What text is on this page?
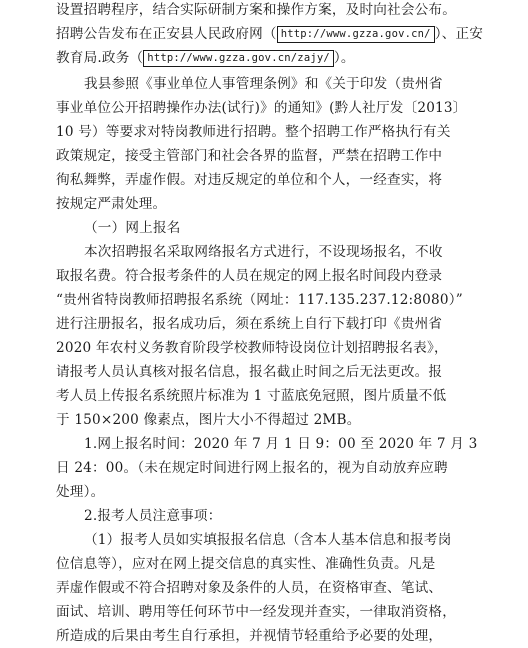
设置招聘程序，结合实际研制方案和操作方案，及时向社会公布。
招聘公告发布在正安县人民政府网（ http://www.gzza.gov.cn/ ）、正安
教育局.政务（ http://www.gzza.gov.cn/zajy/ ）。
我县参照《事业单位人事管理条例》和《关于印发（贵州省
事业单位公开招聘操作办法(试行)》的通知》(黔人社厅发〔2013〕
10 号）等要求对特岗教师进行招聘。整个招聘工作严格执行有关
政策规定，接受主管部门和社会各界的监督，严禁在招聘工作中
徇私舞弊，弄虚作假。对违反规定的单位和个人，一经查实，将
按规定严肃处理。
（一）网上报名
本次招聘报名采取网络报名方式进行，不设现场报名，不收
取报名费。符合报考条件的人员在规定的网上报名时间段内登录
“贵州省特岗教师招聘报名系统（网址：117.135.237.12:8080）”
进行注册报名，报名成功后，须在系统上自行下载打印《贵州省
2020 年农村义务教育阶段学校教师特设岗位计划招聘报名表》，
请报考人员认真核对报名信息，报名截止时间之后无法更改。报
考人员上传报名系统照片标准为 1 寸蓝底免冠照，图片质量不低
于 150×200 像素点，图片大小不得超过 2MB。
1.网上报名时间：2020 年 7 月 1 日 9：00 至 2020 年 7 月 3
日 24：00。（未在规定时间进行网上报名的，视为自动放弃应聘
处理）。
2.报考人员注意事项：
（1）报考人员如实填报报名信息（含本人基本信息和报考岗
位信息等），应对在网上提交信息的真实性、准确性负责。凡是
弄虚作假或不符合招聘对象及条件的人员，在资格审查、笔试、
面试、培训、聘用等任何环节中一经发现并查实，一律取消资格，
所造成的后果由考生自行承担，并视情节轻重给予必要的处理，
